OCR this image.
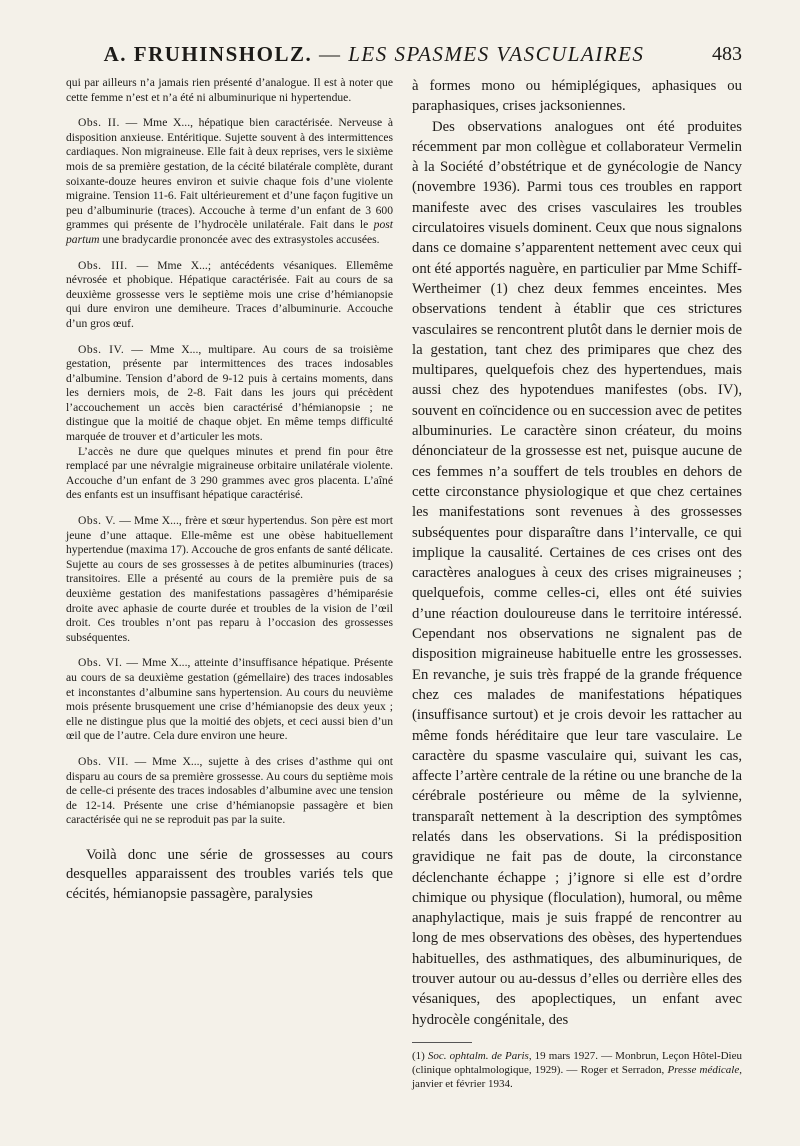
A. FRUHINSHOLZ. — LES SPASMES VASCULAIRES	483

qui par ailleurs n’a jamais rien présenté d’analogue. Il est à noter que cette femme n’est et n’a été ni albuminurique ni hypertendue.

Obs. II. — Mme X..., hépatique bien caractérisée. Nerveuse à disposition anxieuse. Entéritique. Sujette souvent à des intermittences cardiaques. Non migraineuse. Elle fait à deux reprises, vers le sixième mois de sa première gestation, de la cécité bilatérale complète, durant soixante-douze heures environ et suivie chaque fois d’une violente migraine. Tension 11-6. Fait ultérieurement et d’une façon fugitive un peu d’albuminurie (traces). Accouche à terme d’un enfant de 3 600 grammes qui présente de l’hydrocèle unilatérale. Fait dans le post partum une bradycardie prononcée avec des extrasystoles accusées.

Obs. III. — Mme X...; antécédents vésaniques. Ellemême névrosée et phobique. Hépatique caractérisée. Fait au cours de sa deuxième grossesse vers le septième mois une crise d’hémianopsie qui dure environ une demiheure. Traces d’albuminurie. Accouche d’un gros œuf.

Obs. IV. — Mme X..., multipare. Au cours de sa troisième gestation, présente par intermittences des traces indosables d’albumine. Tension d’abord de 9-12 puis à certains moments, dans les derniers mois, de 2-8. Fait dans les jours qui précèdent l’accouchement un accès bien caractérisé d’hémianopsie ; ne distingue que la moitié de chaque objet. En même temps difficulté marquée de trouver et d’articuler les mots.

L’accès ne dure que quelques minutes et prend fin pour être remplacé par une névralgie migraineuse orbitaire unilatérale violente. Accouche d’un enfant de 3 290 grammes avec gros placenta. L’aîné des enfants est un insuffisant hépatique caractérisé.

Obs. V. — Mme X..., frère et sœur hypertendus. Son père est mort jeune d’une attaque. Elle-même est une obèse habituellement hypertendue (maxima 17). Accouche de gros enfants de santé délicate. Sujette au cours de ses grossesses à de petites albuminuries (traces) transitoires. Elle a présenté au cours de la première puis de sa deuxième gestation des manifestations passagères d’hémiparésie droite avec aphasie de courte durée et troubles de la vision de l’œil droit. Ces troubles n’ont pas reparu à l’occasion des grossesses subséquentes.

Obs. VI. — Mme X..., atteinte d’insuffisance hépatique. Présente au cours de sa deuxième gestation (gémellaire) des traces indosables et inconstantes d’albumine sans hypertension. Au cours du neuvième mois présente brusquement une crise d’hémianopsie des deux yeux ; elle ne distingue plus que la moitié des objets, et ceci aussi bien d’un œil que de l’autre. Cela dure environ une heure.

Obs. VII. — Mme X..., sujette à des crises d’asthme qui ont disparu au cours de sa première grossesse. Au cours du septième mois de celle-ci présente des traces indosables d’albumine avec une tension de 12-14. Présente une crise d’hémianopsie passagère et bien caractérisée qui ne se reproduit pas par la suite.

Voilà donc une série de grossesses au cours desquelles apparaissent des troubles variés tels que cécités, hémianopsie passagère, paralysies

à formes mono ou hémiplégiques, aphasiques ou paraphasiques, crises jacksoniennes.

Des observations analogues ont été produites récemment par mon collègue et collaborateur Vermelin à la Société d’obstétrique et de gynécologie de Nancy (novembre 1936). Parmi tous ces troubles en rapport manifeste avec des crises vasculaires les troubles circulatoires visuels dominent. Ceux que nous signalons dans ce domaine s’apparentent nettement avec ceux qui ont été apportés naguère, en particulier par Mme Schiff-Wertheimer (1) chez deux femmes enceintes. Mes observations tendent à établir que ces strictures vasculaires se rencontrent plutôt dans le dernier mois de la gestation, tant chez des primipares que chez des multipares, quelquefois chez des hypertendues, mais aussi chez des hypotendues manifestes (obs. IV), souvent en coïncidence ou en succession avec de petites albuminuries. Le caractère sinon créateur, du moins dénonciateur de la grossesse est net, puisque aucune de ces femmes n’a souffert de tels troubles en dehors de cette circonstance physiologique et que chez certaines les manifestations sont revenues à des grossesses subséquentes pour disparaître dans l’intervalle, ce qui implique la causalité. Certaines de ces crises ont des caractères analogues à ceux des crises migraineuses ; quelquefois, comme celles-ci, elles ont été suivies d’une réaction douloureuse dans le territoire intéressé. Cependant nos observations ne signalent pas de disposition migraineuse habituelle entre les grossesses. En revanche, je suis très frappé de la grande fréquence chez ces malades de manifestations hépatiques (insuffisance surtout) et je crois devoir les rattacher au même fonds héréditaire que leur tare vasculaire. Le caractère du spasme vasculaire qui, suivant les cas, affecte l’artère centrale de la rétine ou une branche de la cérébrale postérieure ou même de la sylvienne, transparaît nettement à la description des symptômes relatés dans les observations. Si la prédisposition gravidique ne fait pas de doute, la circonstance déclenchante échappe ; j’ignore si elle est d’ordre chimique ou physique (floculation), humoral, ou même anaphylactique, mais je suis frappé de rencontrer au long de mes observations des obèses, des hypertendues habituelles, des asthmatiques, des albuminuriques, de trouver autour ou au-dessus d’elles ou derrière elles des vésaniques, des apoplectiques, un enfant avec hydrocèle congénitale, des

(1) Soc. ophtalm. de Paris, 19 mars 1927. — Monbrun, Leçon Hôtel-Dieu (clinique ophtalmologique, 1929). — Roger et Serradon, Presse médicale, janvier et février 1934.
